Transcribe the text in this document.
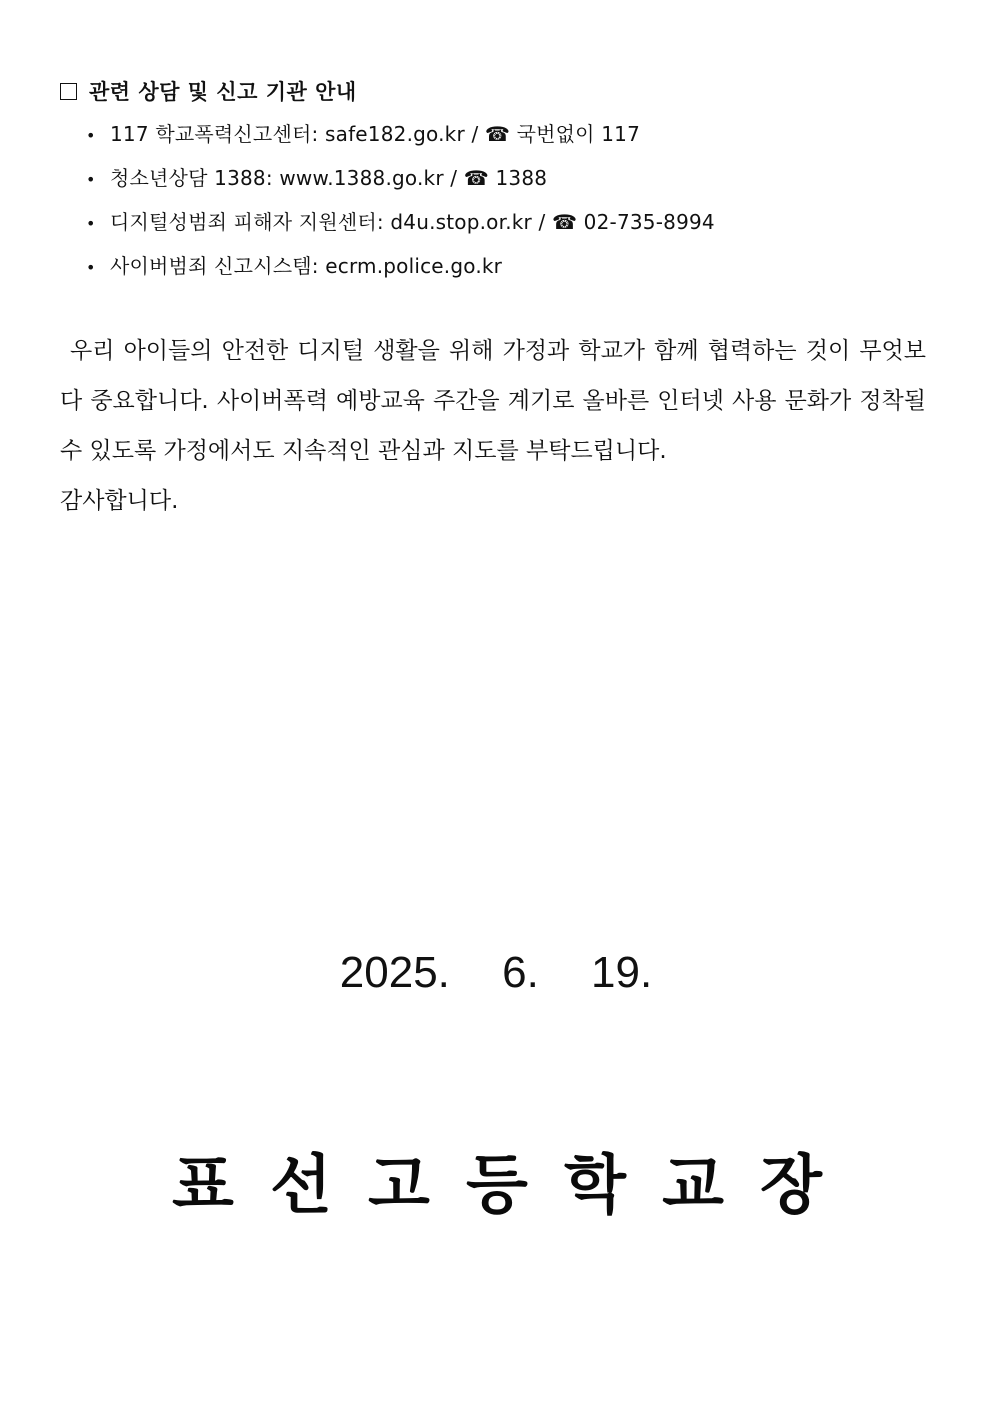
관련 상담 및 신고 기관 안내
• 117 학교폭력신고센터: safe182.go.kr / ☎ 국번없이 117
• 청소년상담 1388: www.1388.go.kr / ☎ 1388
• 디지털성범죄 피해자 지원센터: d4u.stop.or.kr / ☎ 02-735-8994
• 사이버범죄 신고시스템: ecrm.police.go.kr

우리 아이들의 안전한 디지털 생활을 위해 가정과 학교가 함께 협력하는 것이 무엇보다 중요합니다. 사이버폭력 예방교육 주간을 계기로 올바른 인터넷 사용 문화가 정착될 수 있도록 가정에서도 지속적인 관심과 지도를 부탁드립니다.

감사합니다.

2025. 6. 19.
표 선 고 등 학 교 장
